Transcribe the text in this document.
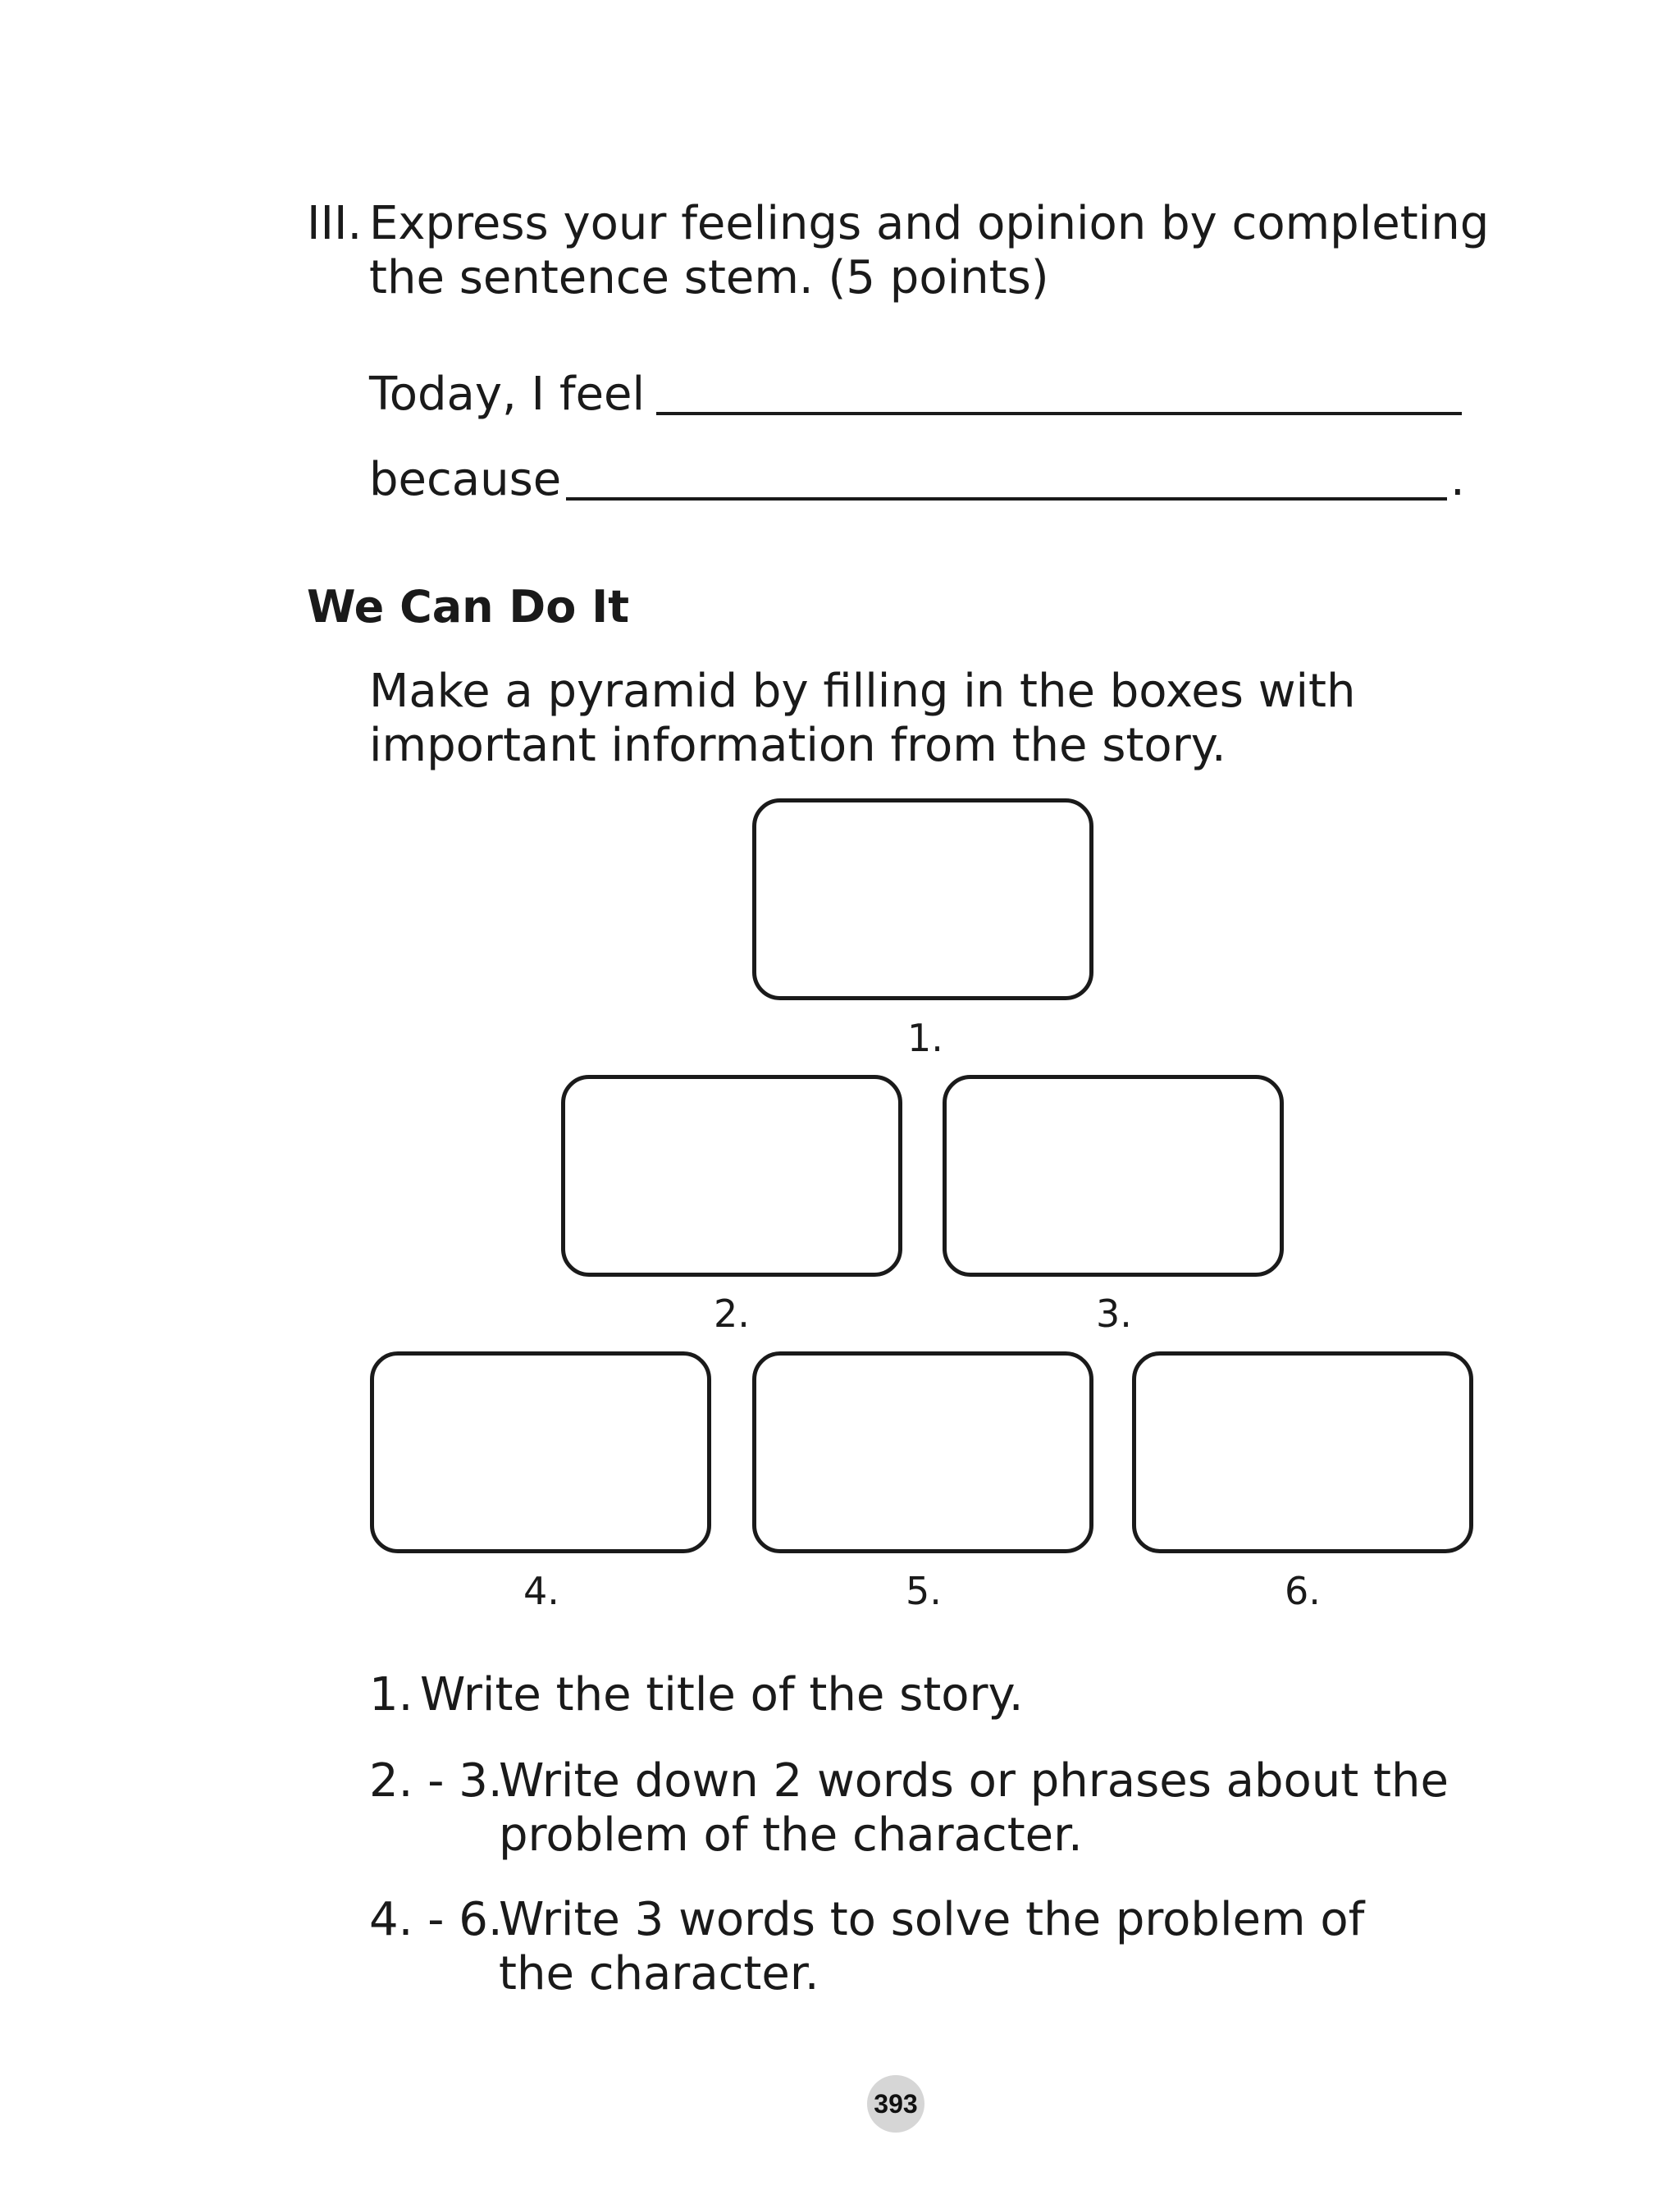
III. Express your feelings and opinion by completing
the sentence stem. (5 points)
Today, I feel
because	.
We Can Do It
Make a pyramid by filling in the boxes with
important information from the story.
1.
2.	3.
4.	5.	6.
1. Write the title of the story.
2. - 3.
Write down 2 words or phrases about the
problem of the character.
4. - 6.
Write 3 words to solve the problem of
the character.
393
